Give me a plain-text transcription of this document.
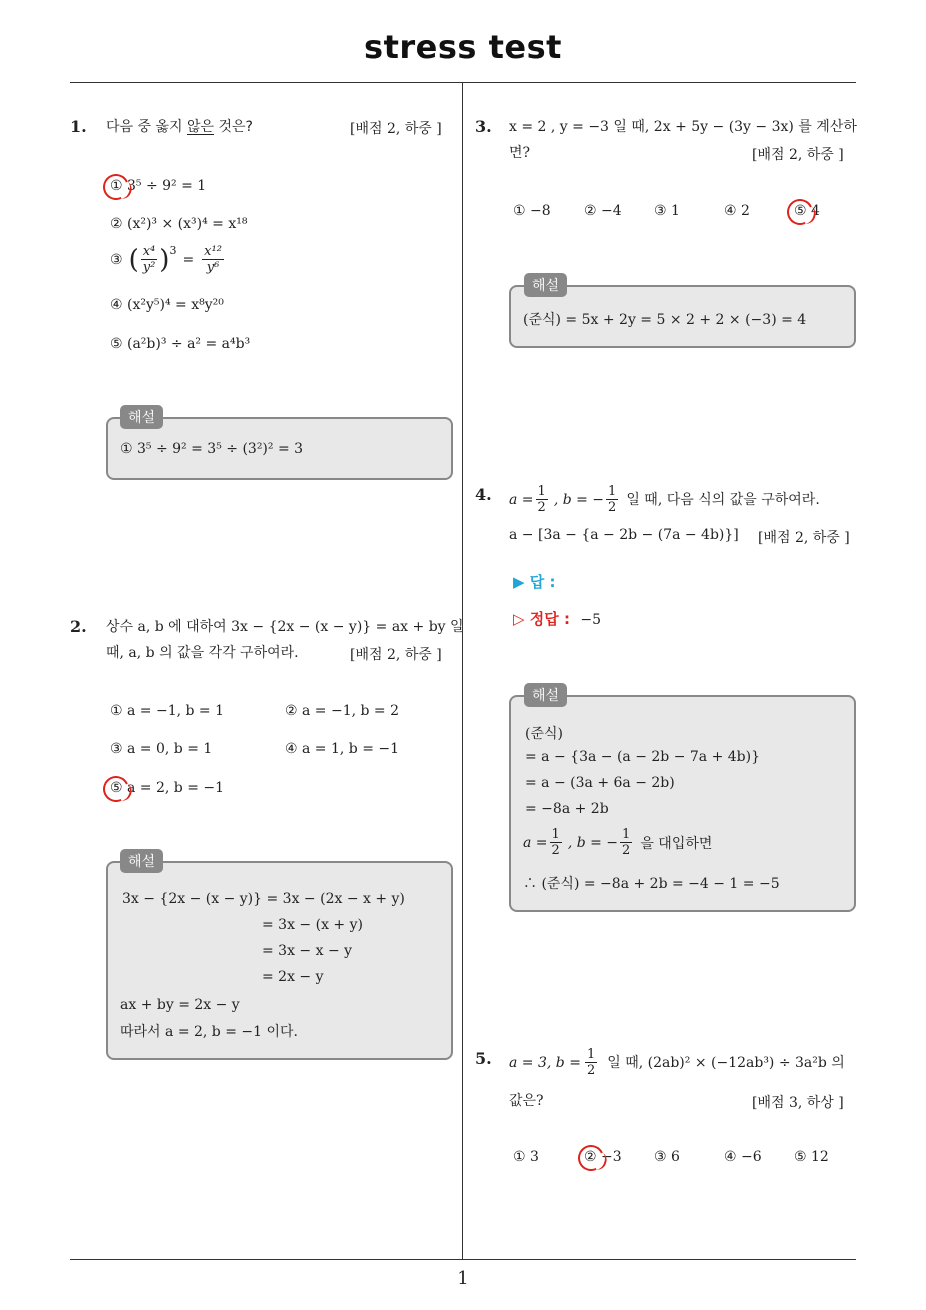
stress test
1
1. 다음 중 옳지 않은 것은?	[배점 2, 하중 ]
① 3⁵ ÷ 9² = 1
② (x²)³ × (x³)⁴ = x¹⁸
③ ( $\frac{\text{x⁴}}{\text{y²}} )^3$
= $\frac{\text{x¹²}}{\text{y⁶}}$
④ (x²y⁵)⁴ = x⁸y²⁰
⑤ (a²b)³ ÷ a² = a⁴b³
① 3⁵ ÷ 9² = 3⁵ ÷ (3²)² = 3
해설
2. 상수 a, b 에 대하여 3x − {2x − (x − y)} = ax + by 일
때, a, b 의 값을 각각 구하여라.	[배점 2, 하중 ]
① a = −1, b = 1	② a = −1, b = 2
③ a = 0, b = 1	④ a = 1, b = −1
⑤ a = 2, b = −1
3x − {2x − (x − y)} = 3x − (2x − x + y)
= 3x − (x + y)
= 3x − x − y
= 2x − y
ax + by = 2x − y
따라서 a = 2, b = −1 이다.
해설
3. x = 2 , y = −3 일 때, 2x + 5y − (3y − 3x) 를 계산하
면?	[배점 2, 하중 ]
① −8 ② −4 ③ 1	④ 2	⑤ 4
(준식) = 5x + 2y = 5 × 2 + 2 × (−3) = 4
해설
4. $a = \frac{1}{2}$ , b = − $\frac{1}{2}$ 일 때, 다음 식의 값을 구하여라.
a − [3a − {a − 2b − (7a − 4b)}] [배점 2, 하중 ]
▶ 답 :
▷ 정답 : −5
(준식)
= a − {3a − (a − 2b − 7a + 4b)}
= a − (3a + 6a − 2b)
= −8a + 2b
$a = \frac{1}{2}$ , b = − $\frac{1}{2}$ 을 대입하면
∴ (준식) = −8a + 2b = −4 − 1 = −5
해설
5. a = 3, $b = \frac{1}{2}$ 일 때, (2ab)² × (−12ab³) ÷ 3a²b 의
값은?	[배점 3, 하상 ]
① 3	② −3 ③ 6	④ −6 ⑤ 12
